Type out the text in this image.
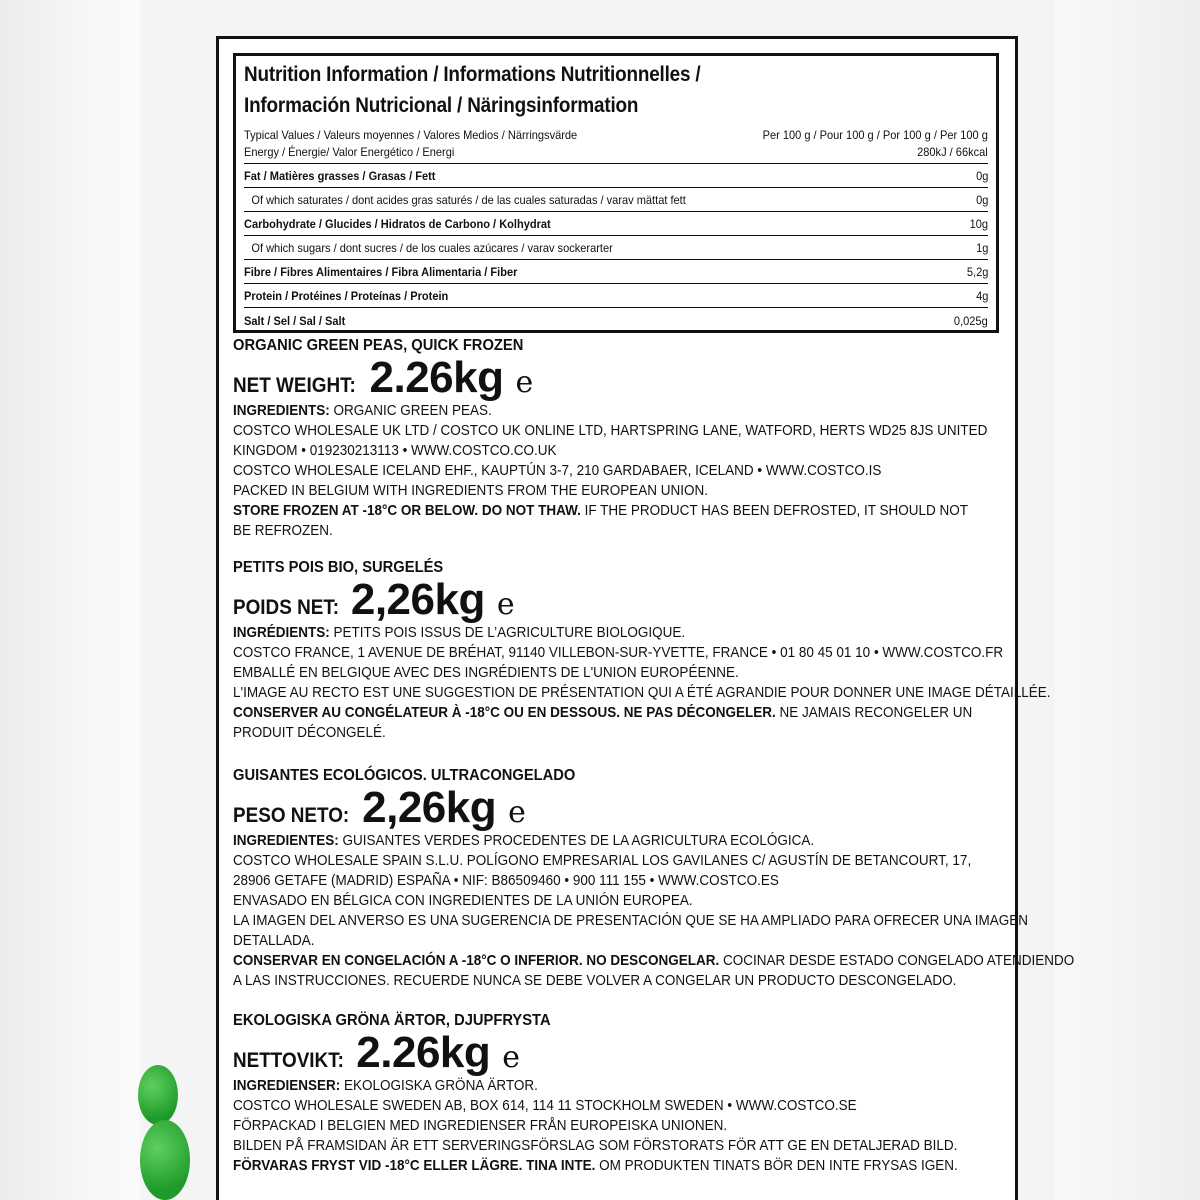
Nutrition Information / Informations Nutritionnelles /
Información Nutricional / Näringsinformation
Typical Values / Valeurs moyennes / Valores Medios / Närringsvärde	Per 100 g / Pour 100 g / Por 100 g / Per 100 g
Energy / Énergie/ Valor Energético / Energi	280kJ / 66kcal
Fat / Matières grasses / Grasas / Fett	0g
Of which saturates / dont acides gras saturés / de las cuales saturadas / varav mättat fett	0g
Carbohydrate / Glucides / Hidratos de Carbono / Kolhydrat	10g
Of which sugars / dont sucres / de los cuales azúcares / varav sockerarter	1g
Fibre / Fibres Alimentaires / Fibra Alimentaria / Fiber	5,2g
Protein / Protéines / Proteínas / Protein	4g
Salt / Sel / Sal / Salt	0,025g
ORGANIC GREEN PEAS, QUICK FROZEN
NET WEIGHT: 2.26kg e

INGREDIENTS: ORGANIC GREEN PEAS.

COSTCO WHOLESALE UK LTD / COSTCO UK ONLINE LTD, HARTSPRING LANE, WATFORD, HERTS WD25 8JS UNITED

KINGDOM • 019230213113 • WWW.COSTCO.CO.UK

COSTCO WHOLESALE ICELAND EHF., KAUPTÚN 3-7, 210 GARDABAER, ICELAND • WWW.COSTCO.IS

PACKED IN BELGIUM WITH INGREDIENTS FROM THE EUROPEAN UNION.

STORE FROZEN AT -18°C OR BELOW. DO NOT THAW. IF THE PRODUCT HAS BEEN DEFROSTED, IT SHOULD NOT

BE REFROZEN.

PETITS POIS BIO, SURGELÉS
POIDS NET: 2,26kg e

INGRÉDIENTS: PETITS POIS ISSUS DE L’AGRICULTURE BIOLOGIQUE.

COSTCO FRANCE, 1 AVENUE DE BRÉHAT, 91140 VILLEBON-SUR-YVETTE, FRANCE • 01 80 45 01 10 • WWW.COSTCO.FR

EMBALLÉ EN BELGIQUE AVEC DES INGRÉDIENTS DE L'UNION EUROPÉENNE.

L'IMAGE AU RECTO EST UNE SUGGESTION DE PRÉSENTATION QUI A ÉTÉ AGRANDIE POUR DONNER UNE IMAGE DÉTAILLÉE.

CONSERVER AU CONGÉLATEUR À -18°C OU EN DESSOUS. NE PAS DÉCONGELER. NE JAMAIS RECONGELER UN

PRODUIT DÉCONGELÉ.

GUISANTES ECOLÓGICOS. ULTRACONGELADO
PESO NETO: 2,26kg e

INGREDIENTES: GUISANTES VERDES PROCEDENTES DE LA AGRICULTURA ECOLÓGICA.

COSTCO WHOLESALE SPAIN S.L.U. POLÍGONO EMPRESARIAL LOS GAVILANES C/ AGUSTÍN DE BETANCOURT, 17,

28906 GETAFE (MADRID) ESPAÑA • NIF: B86509460 • 900 111 155 • WWW.COSTCO.ES

ENVASADO EN BÉLGICA CON INGREDIENTES DE LA UNIÓN EUROPEA.

LA IMAGEN DEL ANVERSO ES UNA SUGERENCIA DE PRESENTACIÓN QUE SE HA AMPLIADO PARA OFRECER UNA IMAGEN

DETALLADA.

CONSERVAR EN CONGELACIÓN A -18°C O INFERIOR. NO DESCONGELAR. COCINAR DESDE ESTADO CONGELADO ATENDIENDO

A LAS INSTRUCCIONES. RECUERDE NUNCA SE DEBE VOLVER A CONGELAR UN PRODUCTO DESCONGELADO.

EKOLOGISKA GRÖNA ÄRTOR, DJUPFRYSTA
NETTOVIKT: 2.26kg e

INGREDIENSER: EKOLOGISKA GRÖNA ÄRTOR.

COSTCO WHOLESALE SWEDEN AB, BOX 614, 114 11 STOCKHOLM SWEDEN • WWW.COSTCO.SE

FÖRPACKAD I BELGIEN MED INGREDIENSER FRÅN EUROPEISKA UNIONEN.

BILDEN PÅ FRAMSIDAN ÄR ETT SERVERINGSFÖRSLAG SOM FÖRSTORATS FÖR ATT GE EN DETALJERAD BILD.

FÖRVARAS FRYST VID -18°C ELLER LÄGRE. TINA INTE. OM PRODUKTEN TINATS BÖR DEN INTE FRYSAS IGEN.
